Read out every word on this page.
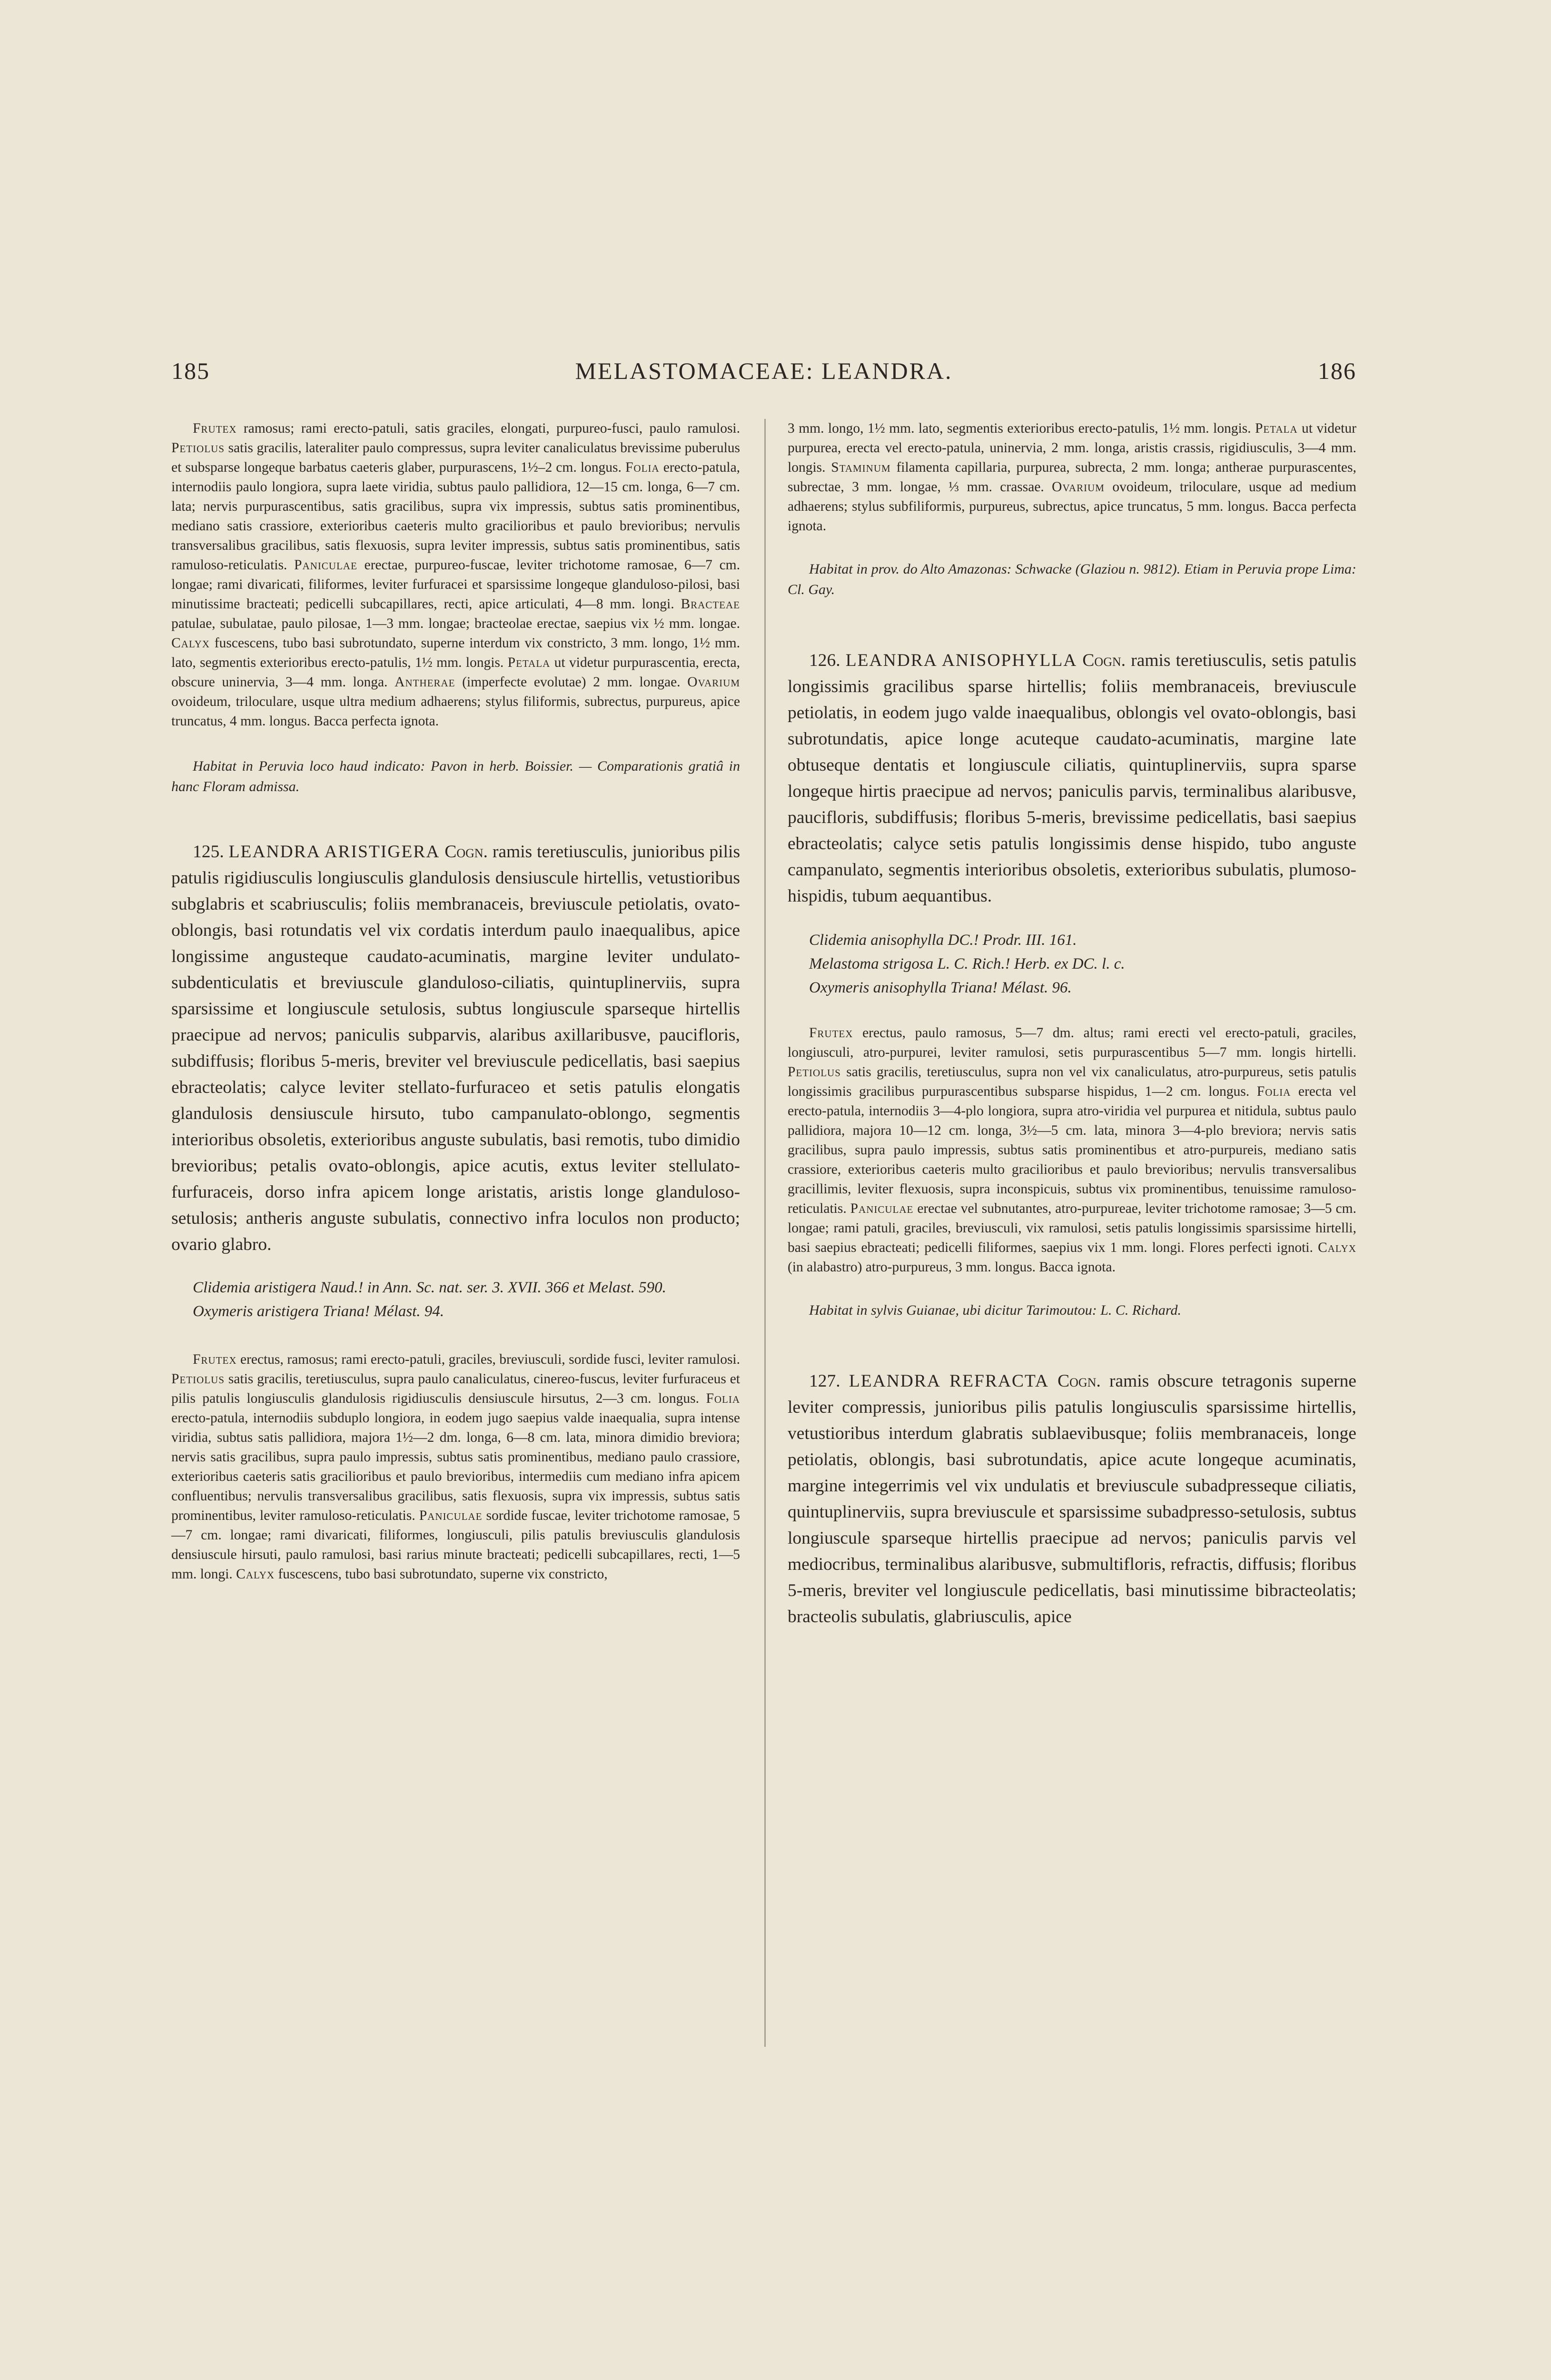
185	MELASTOMACEAE: LEANDRA.	186

Frutex ramosus; rami erecto-patuli, satis graciles, elongati, purpureo-fusci, paulo ramulosi. Petiolus satis gracilis, lateraliter paulo compressus, supra leviter canaliculatus brevissime puberulus et subsparse longeque barbatus caeteris glaber, purpurascens, 1½–2 cm. longus. Folia erecto-patula, internodiis paulo longiora, supra laete viridia, subtus paulo pallidiora, 12—15 cm. longa, 6—7 cm. lata; nervis purpurascentibus, satis gracilibus, supra vix impressis, subtus satis prominentibus, mediano satis crassiore, exterioribus caeteris multo gracilioribus et paulo brevioribus; nervulis transversalibus gracilibus, satis flexuosis, supra leviter impressis, subtus satis prominentibus, satis ramuloso-reticulatis. Paniculae erectae, purpureo-fuscae, leviter trichotome ramosae, 6—7 cm. longae; rami divaricati, filiformes, leviter furfuracei et sparsissime longeque glanduloso-pilosi, basi minutissime bracteati; pedicelli subcapillares, recti, apice articulati, 4—8 mm. longi. Bracteae patulae, subulatae, paulo pilosae, 1—3 mm. longae; bracteolae erectae, saepius vix ½ mm. longae. Calyx fuscescens, tubo basi subrotundato, superne interdum vix constricto, 3 mm. longo, 1½ mm. lato, segmentis exterioribus erecto-patulis, 1½ mm. longis. Petala ut videtur purpurascentia, erecta, obscure uninervia, 3—4 mm. longa. Antherae (imperfecte evolutae) 2 mm. longae. Ovarium ovoideum, triloculare, usque ultra medium adhaerens; stylus filiformis, subrectus, purpureus, apice truncatus, 4 mm. longus. Bacca perfecta ignota.

Habitat in Peruvia loco haud indicato: Pavon in herb. Boissier. — Comparationis gratiâ in hanc Floram admissa.

125. LEANDRA ARISTIGERA Cogn. ramis teretiusculis, junioribus pilis patulis rigidiusculis longiusculis glandulosis densiuscule hirtellis, vetustioribus subglabris et scabriusculis; foliis membranaceis, breviuscule petiolatis, ovato-oblongis, basi rotundatis vel vix cordatis interdum paulo inaequalibus, apice longissime angusteque caudato-acuminatis, margine leviter undulato-subdenticulatis et breviuscule glanduloso-ciliatis, quintuplinerviis, supra sparsissime et longiuscule setulosis, subtus longiuscule sparseque hirtellis praecipue ad nervos; paniculis subparvis, alaribus axillaribusve, paucifloris, subdiffusis; floribus 5-meris, breviter vel breviuscule pedicellatis, basi saepius ebracteolatis; calyce leviter stellato-furfuraceo et setis patulis elongatis glandulosis densiuscule hirsuto, tubo campanulato-oblongo, segmentis interioribus obsoletis, exterioribus anguste subulatis, basi remotis, tubo dimidio brevioribus; petalis ovato-oblongis, apice acutis, extus leviter stellulato-furfuraceis, dorso infra apicem longe aristatis, aristis longe glanduloso-setulosis; antheris anguste subulatis, connectivo infra loculos non producto; ovario glabro.

Clidemia aristigera Naud.! in Ann. Sc. nat. ser. 3. XVII. 366 et Melast. 590.

Oxymeris aristigera Triana! Mélast. 94.

Frutex erectus, ramosus; rami erecto-patuli, graciles, breviusculi, sordide fusci, leviter ramulosi. Petiolus satis gracilis, teretiusculus, supra paulo canaliculatus, cinereo-fuscus, leviter furfuraceus et pilis patulis longiusculis glandulosis rigidiusculis densiuscule hirsutus, 2—3 cm. longus. Folia erecto-patula, internodiis subduplo longiora, in eodem jugo saepius valde inaequalia, supra intense viridia, subtus satis pallidiora, majora 1½—2 dm. longa, 6—8 cm. lata, minora dimidio breviora; nervis satis gracilibus, supra paulo impressis, subtus satis prominentibus, mediano paulo crassiore, exterioribus caeteris satis gracilioribus et paulo brevioribus, intermediis cum mediano infra apicem confluentibus; nervulis transversalibus gracilibus, satis flexuosis, supra vix impressis, subtus satis prominentibus, leviter ramuloso-reticulatis. Paniculae sordide fuscae, leviter trichotome ramosae, 5—7 cm. longae; rami divaricati, filiformes, longiusculi, pilis patulis breviusculis glandulosis densiuscule hirsuti, paulo ramulosi, basi rarius minute bracteati; pedicelli subcapillares, recti, 1—5 mm. longi. Calyx fuscescens, tubo basi subrotundato, superne vix constricto,

3 mm. longo, 1½ mm. lato, segmentis exterioribus erecto-patulis, 1½ mm. longis. Petala ut videtur purpurea, erecta vel erecto-patula, uninervia, 2 mm. longa, aristis crassis, rigidiusculis, 3—4 mm. longis. Staminum filamenta capillaria, purpurea, subrecta, 2 mm. longa; antherae purpurascentes, subrectae, 3 mm. longae, ⅓ mm. crassae. Ovarium ovoideum, triloculare, usque ad medium adhaerens; stylus subfiliformis, purpureus, subrectus, apice truncatus, 5 mm. longus. Bacca perfecta ignota.

Habitat in prov. do Alto Amazonas: Schwacke (Glaziou n. 9812). Etiam in Peruvia prope Lima: Cl. Gay.

126. LEANDRA ANISOPHYLLA Cogn. ramis teretiusculis, setis patulis longissimis gracilibus sparse hirtellis; foliis membranaceis, breviuscule petiolatis, in eodem jugo valde inaequalibus, oblongis vel ovato-oblongis, basi subrotundatis, apice longe acuteque caudato-acuminatis, margine late obtuseque dentatis et longiuscule ciliatis, quintuplinerviis, supra sparse longeque hirtis praecipue ad nervos; paniculis parvis, terminalibus alaribusve, paucifloris, subdiffusis; floribus 5-meris, brevissime pedicellatis, basi saepius ebracteolatis; calyce setis patulis longissimis dense hispido, tubo anguste campanulato, segmentis interioribus obsoletis, exterioribus subulatis, plumoso-hispidis, tubum aequantibus.

Clidemia anisophylla DC.! Prodr. III. 161.

Melastoma strigosa L. C. Rich.! Herb. ex DC. l. c.

Oxymeris anisophylla Triana! Mélast. 96.

Frutex erectus, paulo ramosus, 5—7 dm. altus; rami erecti vel erecto-patuli, graciles, longiusculi, atro-purpurei, leviter ramulosi, setis purpurascentibus 5—7 mm. longis hirtelli. Petiolus satis gracilis, teretiusculus, supra non vel vix canaliculatus, atro-purpureus, setis patulis longissimis gracilibus purpurascentibus subsparse hispidus, 1—2 cm. longus. Folia erecta vel erecto-patula, internodiis 3—4-plo longiora, supra atro-viridia vel purpurea et nitidula, subtus paulo pallidiora, majora 10—12 cm. longa, 3½—5 cm. lata, minora 3—4-plo breviora; nervis satis gracilibus, supra paulo impressis, subtus satis prominentibus et atro-purpureis, mediano satis crassiore, exterioribus caeteris multo gracilioribus et paulo brevioribus; nervulis transversalibus gracillimis, leviter flexuosis, supra inconspicuis, subtus vix prominentibus, tenuissime ramuloso-reticulatis. Paniculae erectae vel subnutantes, atro-purpureae, leviter trichotome ramosae; 3—5 cm. longae; rami patuli, graciles, breviusculi, vix ramulosi, setis patulis longissimis sparsissime hirtelli, basi saepius ebracteati; pedicelli filiformes, saepius vix 1 mm. longi. Flores perfecti ignoti. Calyx (in alabastro) atro-purpureus, 3 mm. longus. Bacca ignota.

Habitat in sylvis Guianae, ubi dicitur Tarimoutou: L. C. Richard.

127. LEANDRA REFRACTA Cogn. ramis obscure tetragonis superne leviter compressis, junioribus pilis patulis longiusculis sparsissime hirtellis, vetustioribus interdum glabratis sublaevibusque; foliis membranaceis, longe petiolatis, oblongis, basi subrotundatis, apice acute longeque acuminatis, margine integerrimis vel vix undulatis et breviuscule subadpresseque ciliatis, quintuplinerviis, supra breviuscule et sparsissime subadpresso-setulosis, subtus longiuscule sparseque hirtellis praecipue ad nervos; paniculis parvis vel mediocribus, terminalibus alaribusve, submultifloris, refractis, diffusis; floribus 5-meris, breviter vel longiuscule pedicellatis, basi minutissime bibracteolatis; bracteolis subulatis, glabriusculis, apice
